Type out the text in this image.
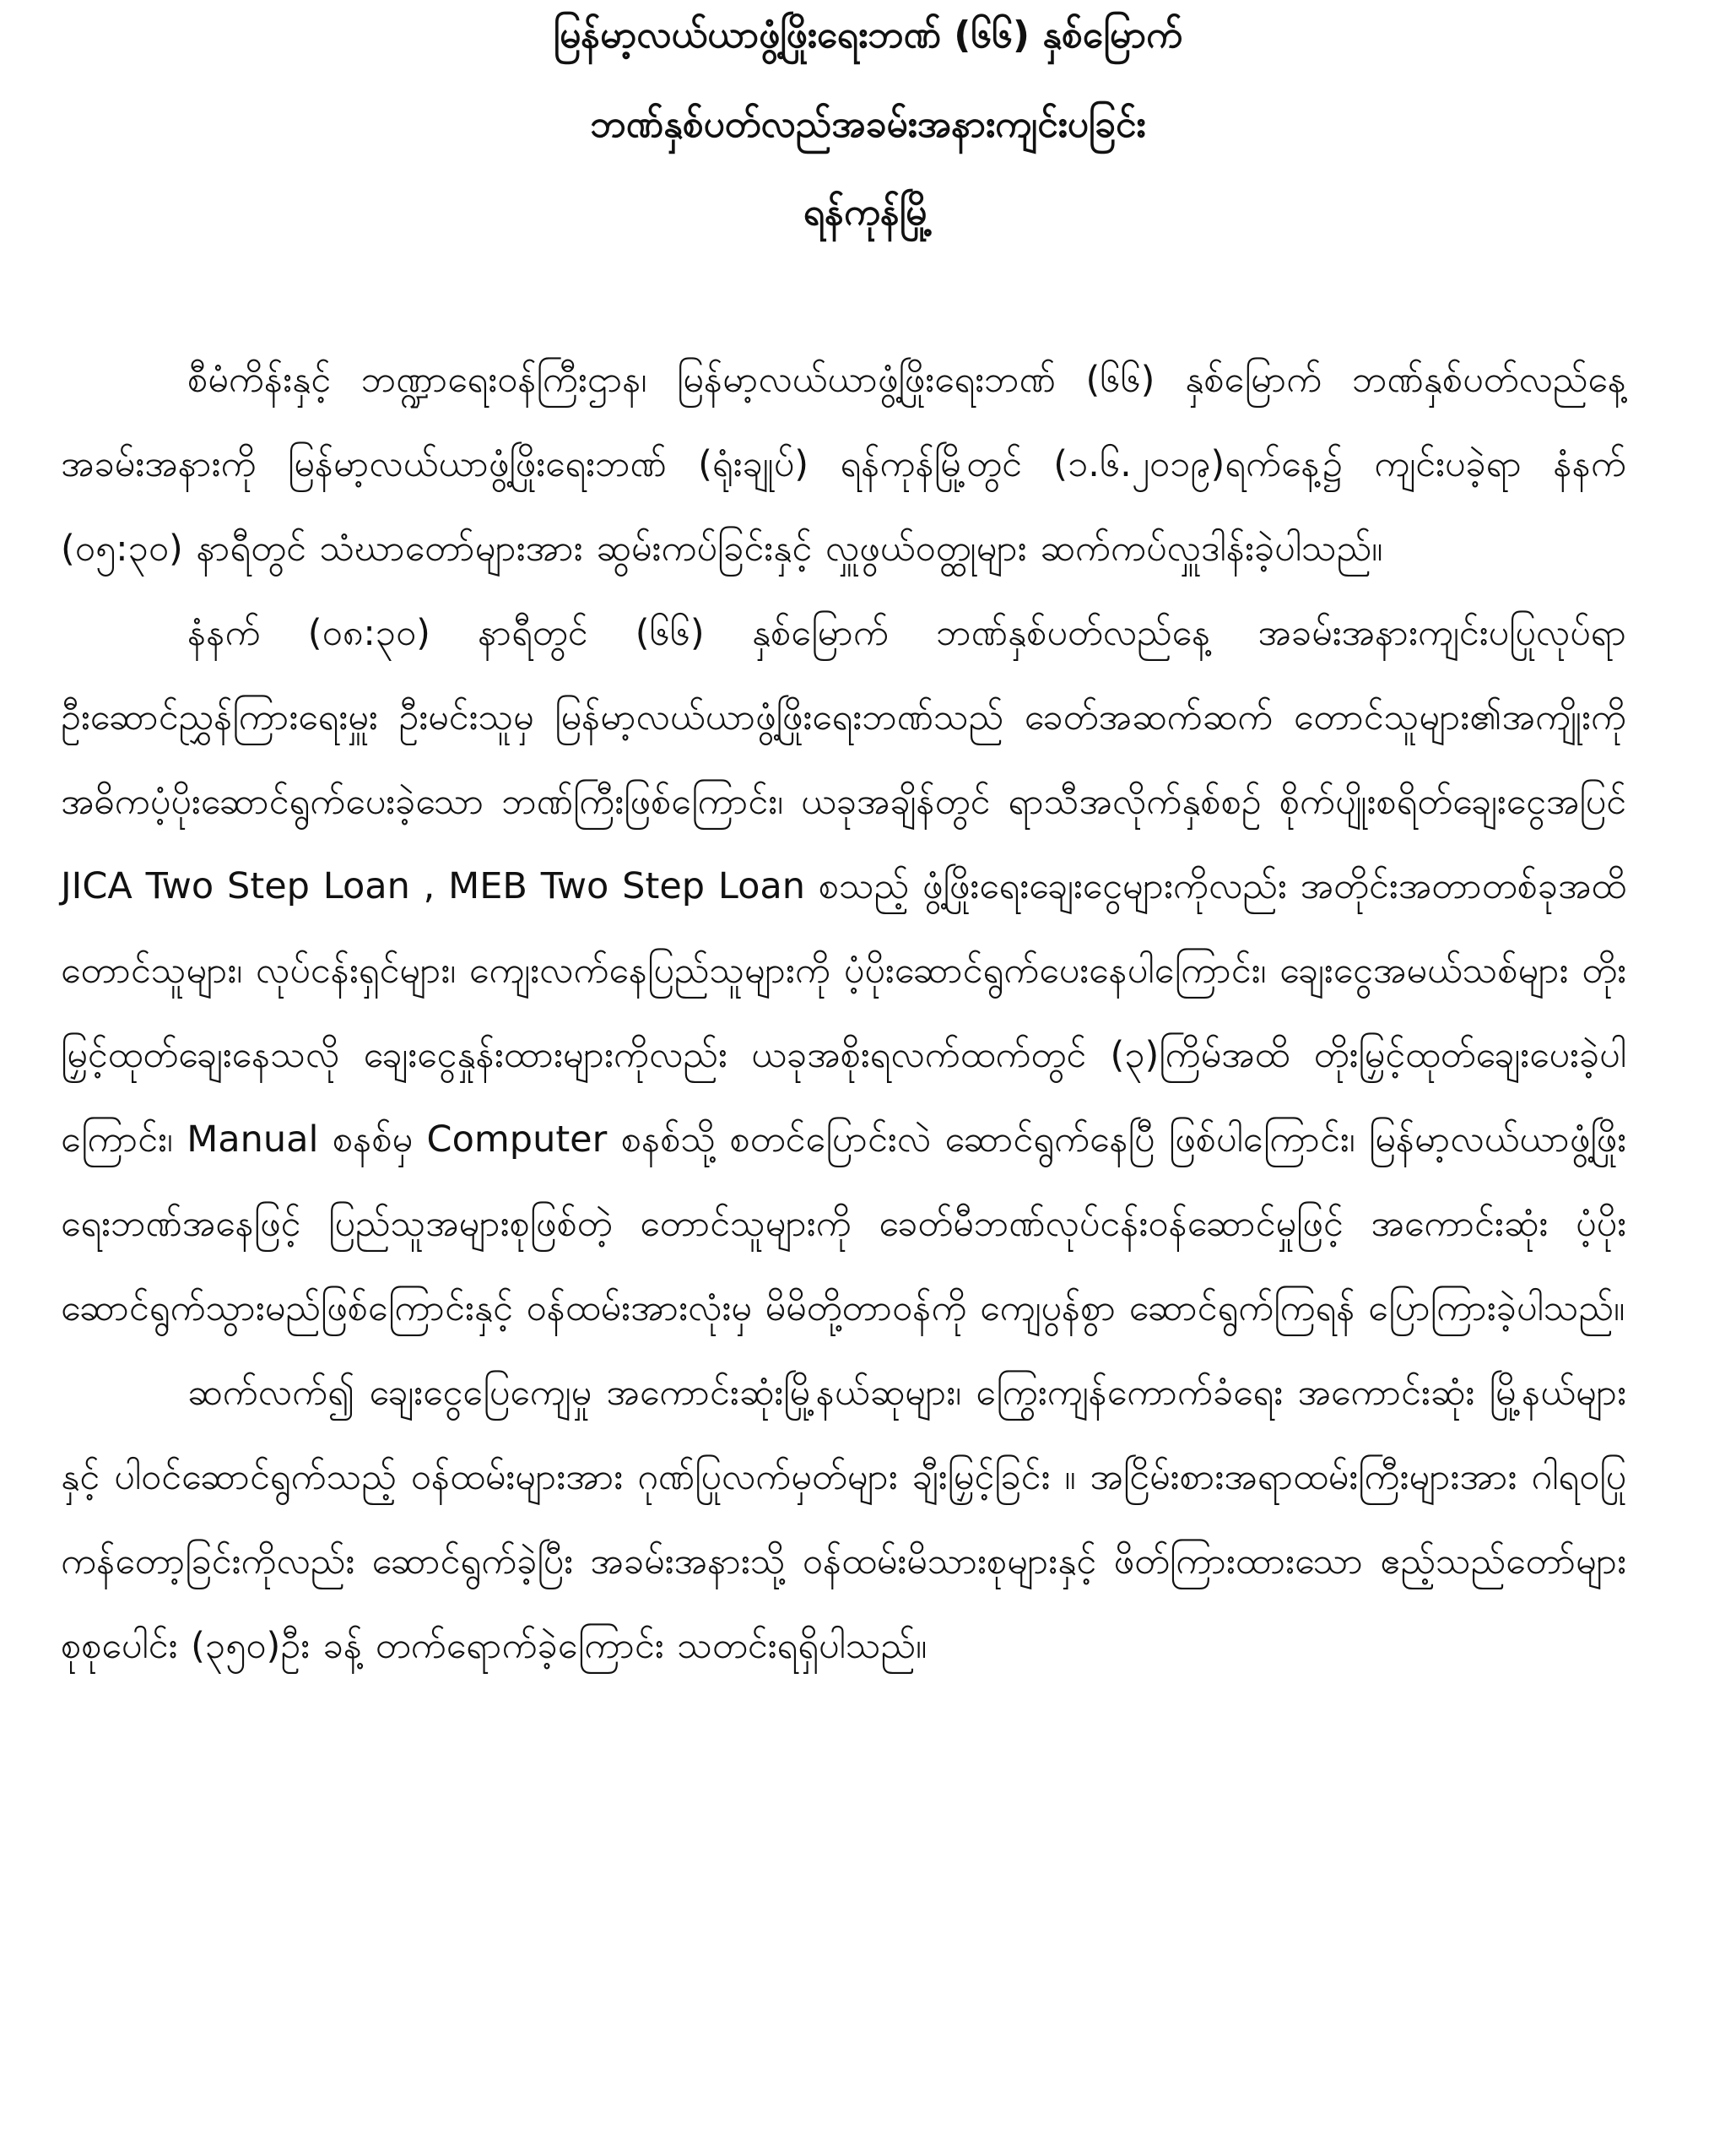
မြန်မာ့လယ်ယာဖွံ့ဖြိုးရေးဘဏ် (၆၆) နှစ်မြောက်
ဘဏ်နှစ်ပတ်လည်အခမ်းအနားကျင်းပခြင်း
ရန်ကုန်မြို့

စီမံကိန်းနှင့် ဘဏ္ဍာရေးဝန်ကြီးဌာန၊ မြန်မာ့လယ်ယာဖွံ့ဖြိုးရေးဘဏ် (၆၆) နှစ်မြောက် ဘဏ်နှစ်ပတ်လည်နေ့ အခမ်းအနားကို မြန်မာ့လယ်ယာဖွံ့ဖြိုးရေးဘဏ် (ရုံးချုပ်) ရန်ကုန်မြို့တွင် (၁.၆.၂၀၁၉)ရက်နေ့၌ ကျင်းပခဲ့ရာ နံနက် (၀၅:၃၀) နာရီတွင် သံဃာတော်များအား ဆွမ်းကပ်ခြင်းနှင့် လှူဖွယ်ဝတ္ထုများ ဆက်ကပ်လှူဒါန်းခဲ့ပါသည်။

နံနက် (၀၈:၃၀) နာရီတွင် (၆၆) နှစ်မြောက် ဘဏ်နှစ်ပတ်လည်နေ့ အခမ်းအနားကျင်းပပြုလုပ်ရာ ဦးဆောင်ညွှန်ကြားရေးမှူး ဦးမင်းသူမှ မြန်မာ့လယ်ယာဖွံ့ဖြိုးရေးဘဏ်သည် ခေတ်အဆက်ဆက် တောင်သူများ၏အကျိုးကို အဓိကပံ့ပိုးဆောင်ရွက်ပေးခဲ့သော ဘဏ်ကြီးဖြစ်ကြောင်း၊ ယခုအချိန်တွင် ရာသီအလိုက်နှစ်စဉ် စိုက်ပျိုးစရိတ်ချေးငွေအပြင် JICA Two Step Loan , MEB Two Step Loan စသည့် ဖွံ့ဖြိုးရေးချေးငွေများကိုလည်း အတိုင်းအတာတစ်ခုအထိ တောင်သူများ၊ လုပ်ငန်းရှင်များ၊ ကျေးလက်နေပြည်သူများကို ပံ့ပိုးဆောင်ရွက်ပေးနေပါကြောင်း၊ ချေးငွေအမယ်သစ်များ တိုးမြှင့်ထုတ်ချေးနေသလို ချေးငွေနှုန်းထားများကိုလည်း ယခုအစိုးရလက်ထက်တွင် (၃)ကြိမ်အထိ တိုးမြှင့်ထုတ်ချေးပေးခဲ့ပါကြောင်း၊ Manual စနစ်မှ Computer စနစ်သို့ စတင်ပြောင်းလဲ ဆောင်ရွက်နေပြီ ဖြစ်ပါကြောင်း၊ မြန်မာ့လယ်ယာဖွံ့ဖြိုးရေးဘဏ်အနေဖြင့် ပြည်သူအများစုဖြစ်တဲ့ တောင်သူများကို ခေတ်မီဘဏ်လုပ်ငန်းဝန်ဆောင်မှုဖြင့် အကောင်းဆုံး ပံ့ပိုးဆောင်ရွက်သွားမည်ဖြစ်ကြောင်းနှင့် ဝန်ထမ်းအားလုံးမှ မိမိတို့တာဝန်ကို ကျေပွန်စွာ ဆောင်ရွက်ကြရန် ပြောကြားခဲ့ပါသည်။

ဆက်လက်၍ ချေးငွေပြေကျေမှု အကောင်းဆုံးမြို့နယ်ဆုများ၊ ကြွေးကျန်ကောက်ခံရေး အကောင်းဆုံး မြို့နယ်များနှင့် ပါဝင်ဆောင်ရွက်သည့် ဝန်ထမ်းများအား ဂုဏ်ပြုလက်မှတ်များ ချီးမြှင့်ခြင်း ။ အငြိမ်းစားအရာထမ်းကြီးများအား ဂါရဝပြု ကန်တော့ခြင်းကိုလည်း ဆောင်ရွက်ခဲ့ပြီး အခမ်းအနားသို့ ဝန်ထမ်းမိသားစုများနှင့် ဖိတ်ကြားထားသော ဧည့်သည်တော်များ စုစုပေါင်း (၃၅၀)ဦး ခန့် တက်ရောက်ခဲ့ကြောင်း သတင်းရရှိပါသည်။
